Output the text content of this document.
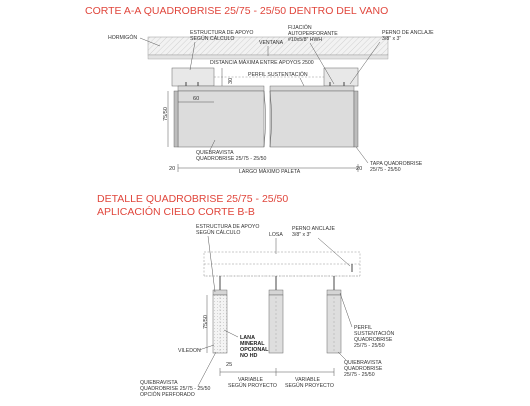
CORTE A-A QUADROBRISE 25/75 - 25/50 DENTRO DEL VANO
HORMIGÓN
ESTRUCTURA DE APOYO
SEGÚN CÁLCULO
VENTANA
FIJACIÓN
AUTOPERFORANTE
#10x5/8" HWH
PERNO DE ANCLAJE
3/8" x 3"
DISTANCIA MÁXIMA ENTRE APOYOS 2500
PERFIL SUSTENTACIÓN
QUIEBRAVISTA
QUADROBRISE 25/75 - 25/50
LARGO MÁXIMO PALETA
TAPA QUADROBRISE
25/75 - 25/50
30
60
75/50
20	20
DETALLE QUADROBRISE 25/75 - 25/50
APLICACIÓN CIELO CORTE B-B
ESTRUCTURA DE APOYO
SEGÚN CÁLCULO	LOSA
PERNO ANCLAJE
3/8" x 3"
LANA
MINERAL
OPCIONAL
NO HD
VILEDON
PERFIL
SUSTENTACIÓN
QUADROBRISE
25/75 - 25/50
QUIEBRAVISTA
QUADROBRISE
25/75 - 25/50
QUIEBRAVISTA
QUADROBRISE 25/75 - 25/50
OPCIÓN PERFORADO
VARIABLE
SEGÚN PROYECTO
VARIABLE
SEGÚN PROYECTO
75/50
25
